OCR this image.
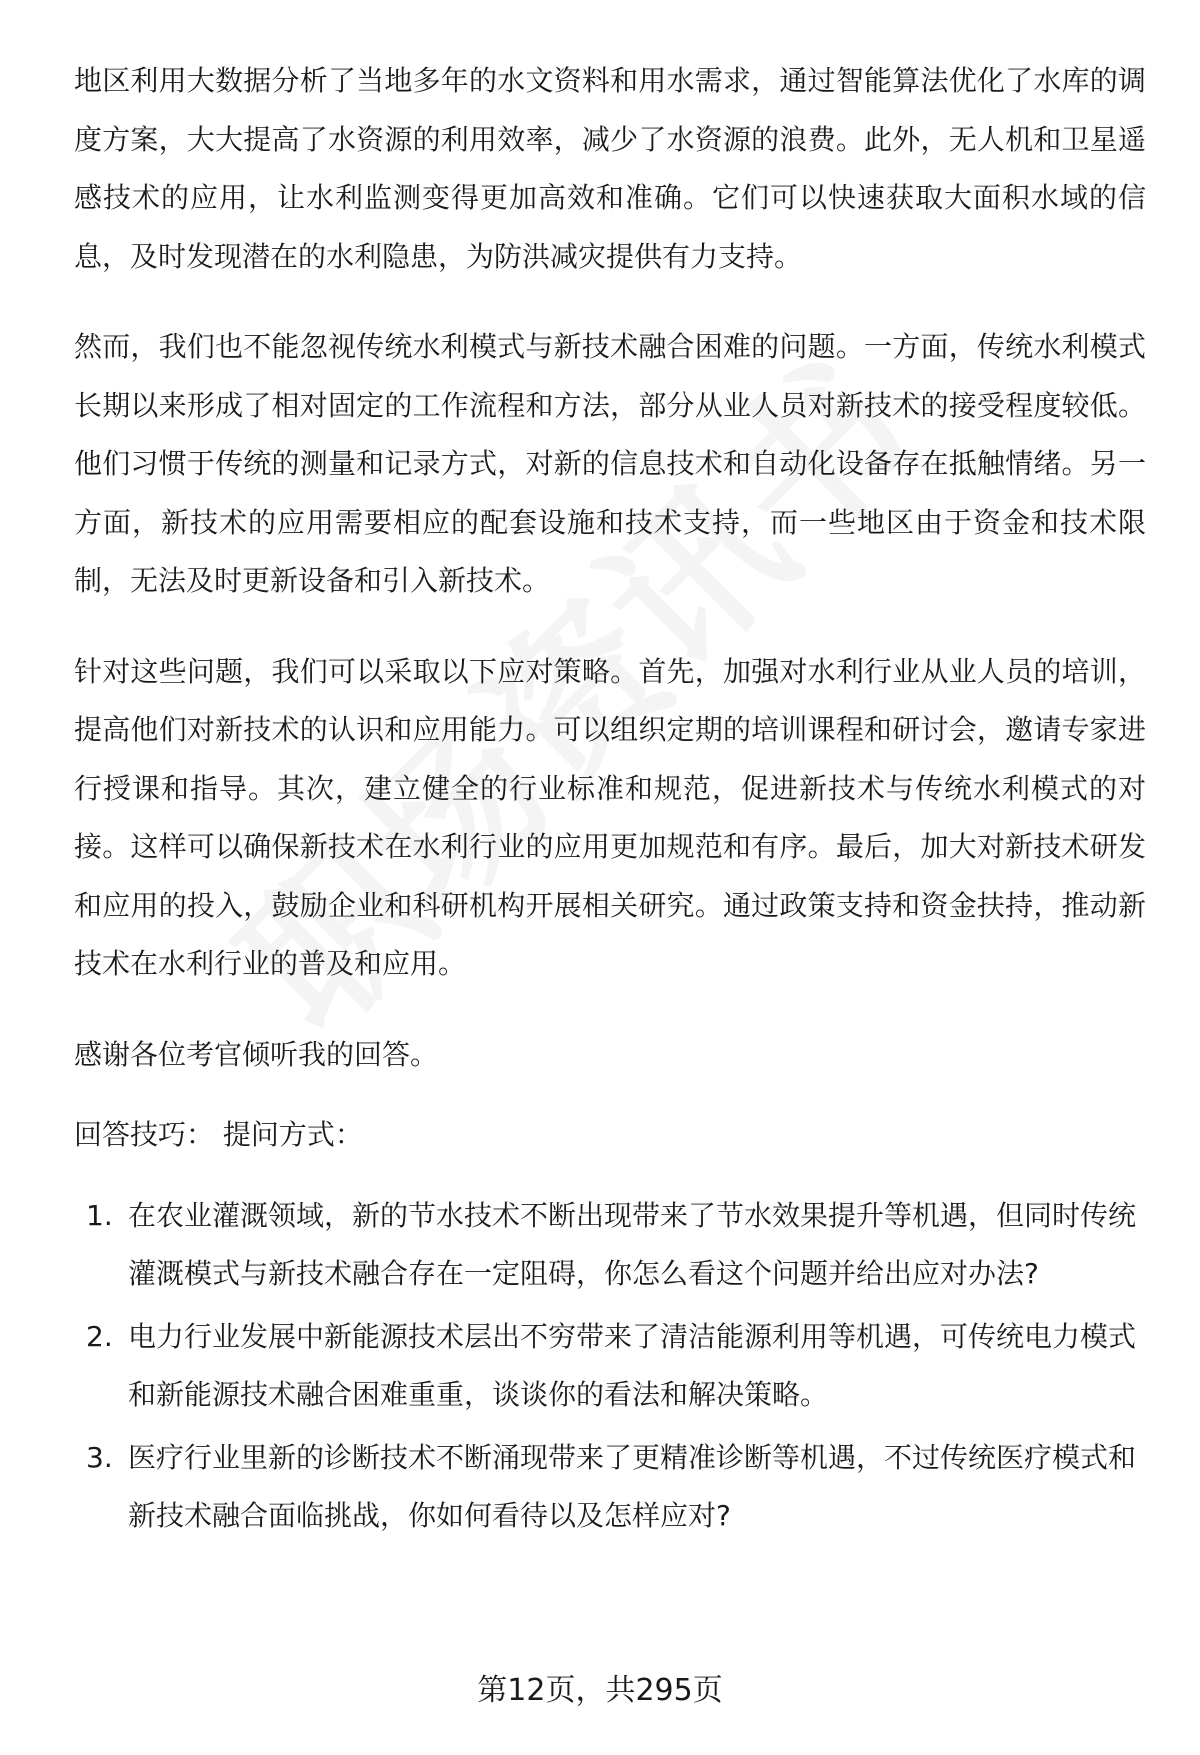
地区利用大数据分析了当地多年的水文资料和用水需求，通过智能算法优化了水库的调度方案，大大提高了水资源的利用效率，减少了水资源的浪费。此外，无人机和卫星遥感技术的应用，让水利监测变得更加高效和准确。它们可以快速获取大面积水域的信息，及时发现潜在的水利隐患，为防洪减灾提供有力支持。

然而，我们也不能忽视传统水利模式与新技术融合困难的问题。一方面，传统水利模式长期以来形成了相对固定的工作流程和方法，部分从业人员对新技术的接受程度较低。他们习惯于传统的测量和记录方式，对新的信息技术和自动化设备存在抵触情绪。另一方面，新技术的应用需要相应的配套设施和技术支持，而一些地区由于资金和技术限制，无法及时更新设备和引入新技术。

针对这些问题，我们可以采取以下应对策略。首先，加强对水利行业从业人员的培训，提高他们对新技术的认识和应用能力。可以组织定期的培训课程和研讨会，邀请专家进行授课和指导。其次，建立健全的行业标准和规范，促进新技术与传统水利模式的对接。这样可以确保新技术在水利行业的应用更加规范和有序。最后，加大对新技术研发和应用的投入，鼓励企业和科研机构开展相关研究。通过政策支持和资金扶持，推动新技术在水利行业的普及和应用。

感谢各位考官倾听我的回答。

回答技巧： 提问方式：

1. 在农业灌溉领域，新的节水技术不断出现带来了节水效果提升等机遇，但同时传统灌溉模式与新技术融合存在一定阻碍，你怎么看这个问题并给出应对办法?
2. 电力行业发展中新能源技术层出不穷带来了清洁能源利用等机遇，可传统电力模式和新能源技术融合困难重重，谈谈你的看法和解决策略。
3. 医疗行业里新的诊断技术不断涌现带来了更精准诊断等机遇，不过传统医疗模式和新技术融合面临挑战，你如何看待以及怎样应对?
第12页，共295页
